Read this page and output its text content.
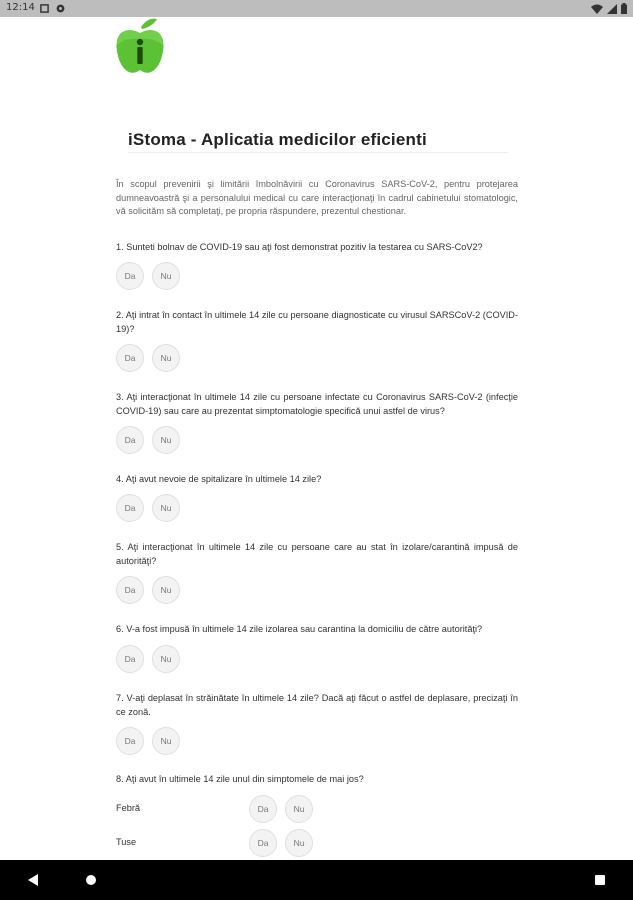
12:14
i
iStoma - Aplicatia medicilor eficienti
În scopul prevenirii şi limitării îmbolnăvirii cu Coronavirus SARS-CoV-2, pentru protejarea dumneavoastră şi a personalului medical cu care interacţionaţi în cadrul cabinetului stomatologic, vă solicităm să completaţi, pe propria răspundere, prezentul chestionar.
1. Sunteti bolnav de COVID-19 sau aţi fost demonstrat pozitiv la testarea cu SARS-CoV2?
Da	Nu
2. Aţi intrat în contact în ultimele 14 zile cu persoane diagnosticate cu virusul SARSCoV-2 (COVID-19)?
Da	Nu
3. Aţi interacţionat în ultimele 14 zile cu persoane infectate cu Coronavirus SARS-CoV-2 (infecţie COVID-19) sau care au prezentat simptomatologie specifică unui astfel de virus?
Da	Nu
4. Aţi avut nevoie de spitalizare în ultimele 14 zile?
Da	Nu
5. Aţi interacţionat în ultimele 14 zile cu persoane care au stat în izolare/carantină impusă de autorităţi?
Da	Nu
6. V-a fost impusă în ultimele 14 zile izolarea sau carantina la domiciliu de către autorităţi?
Da	Nu
7. V-aţi deplasat în străinătate în ultimele 14 zile? Dacă aţi făcut o astfel de deplasare, precizaţi în ce zonă.
Da	Nu
8. Aţi avut în ultimele 14 zile unul din simptomele de mai jos?
Febră	Da	Nu
Tuse	Da	Nu
